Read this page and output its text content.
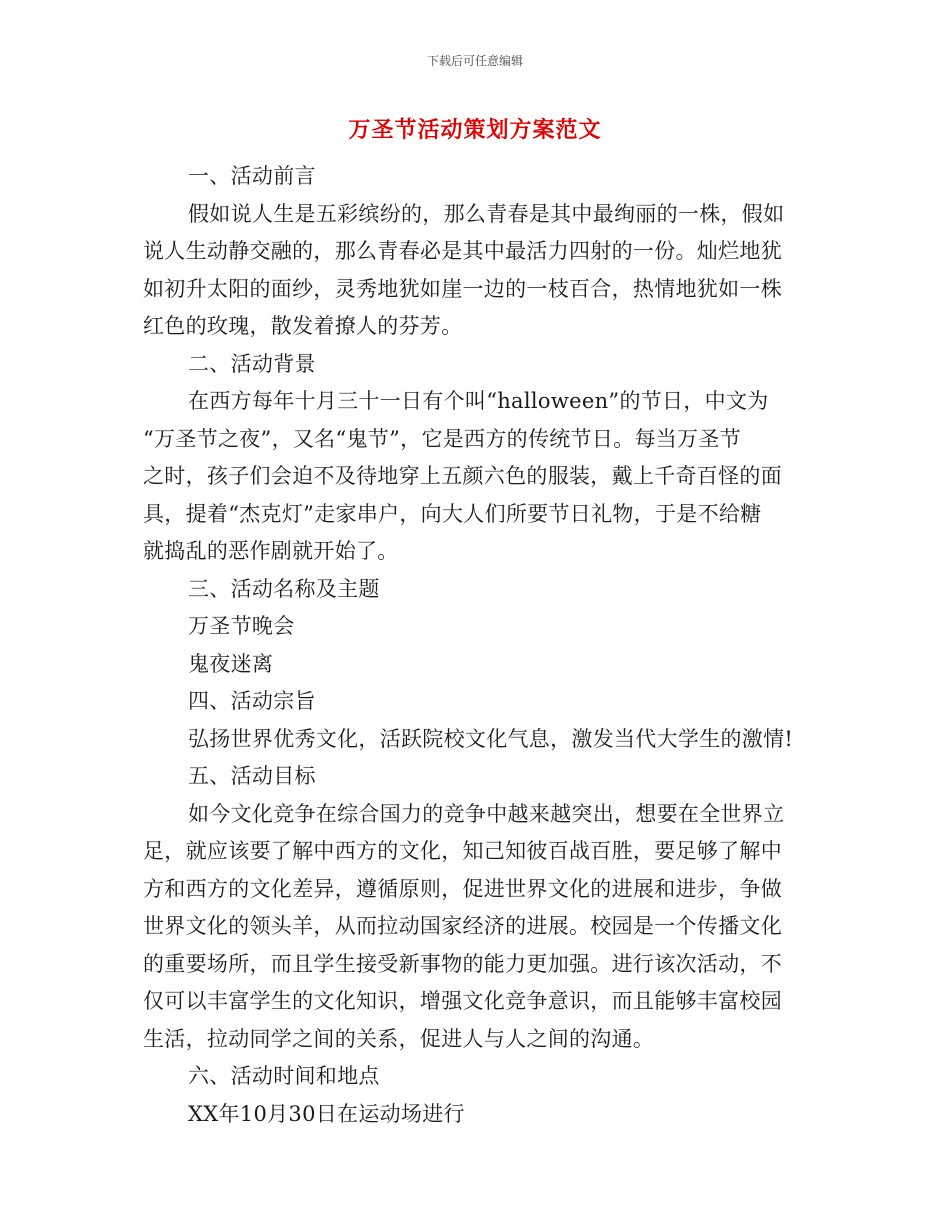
下载后可任意编辑
万圣节活动策划方案范文
一、活动前言
假如说人生是五彩缤纷的，那么青春是其中最绚丽的一株，假如
说人生动静交融的，那么青春必是其中最活力四射的一份。灿烂地犹
如初升太阳的面纱，灵秀地犹如崖一边的一枝百合，热情地犹如一株
红色的玫瑰，散发着撩人的芬芳。
二、活动背景
在西方每年十月三十一日有个叫“halloween”的节日，中文为
“万圣节之夜”，又名“鬼节”，它是西方的传统节日。每当万圣节
之时，孩子们会迫不及待地穿上五颜六色的服装，戴上千奇百怪的面
具，提着“杰克灯”走家串户，向大人们所要节日礼物，于是不给糖
就捣乱的恶作剧就开始了。
三、活动名称及主题
万圣节晚会
鬼夜迷离
四、活动宗旨
弘扬世界优秀文化，活跃院校文化气息，激发当代大学生的激情!
五、活动目标
如今文化竞争在综合国力的竞争中越来越突出，想要在全世界立
足，就应该要了解中西方的文化，知己知彼百战百胜，要足够了解中
方和西方的文化差异，遵循原则，促进世界文化的进展和进步，争做
世界文化的领头羊，从而拉动国家经济的进展。校园是一个传播文化
的重要场所，而且学生接受新事物的能力更加强。进行该次活动，不
仅可以丰富学生的文化知识，增强文化竞争意识，而且能够丰富校园
生活，拉动同学之间的关系，促进人与人之间的沟通。
六、活动时间和地点
XX年10月30日在运动场进行
